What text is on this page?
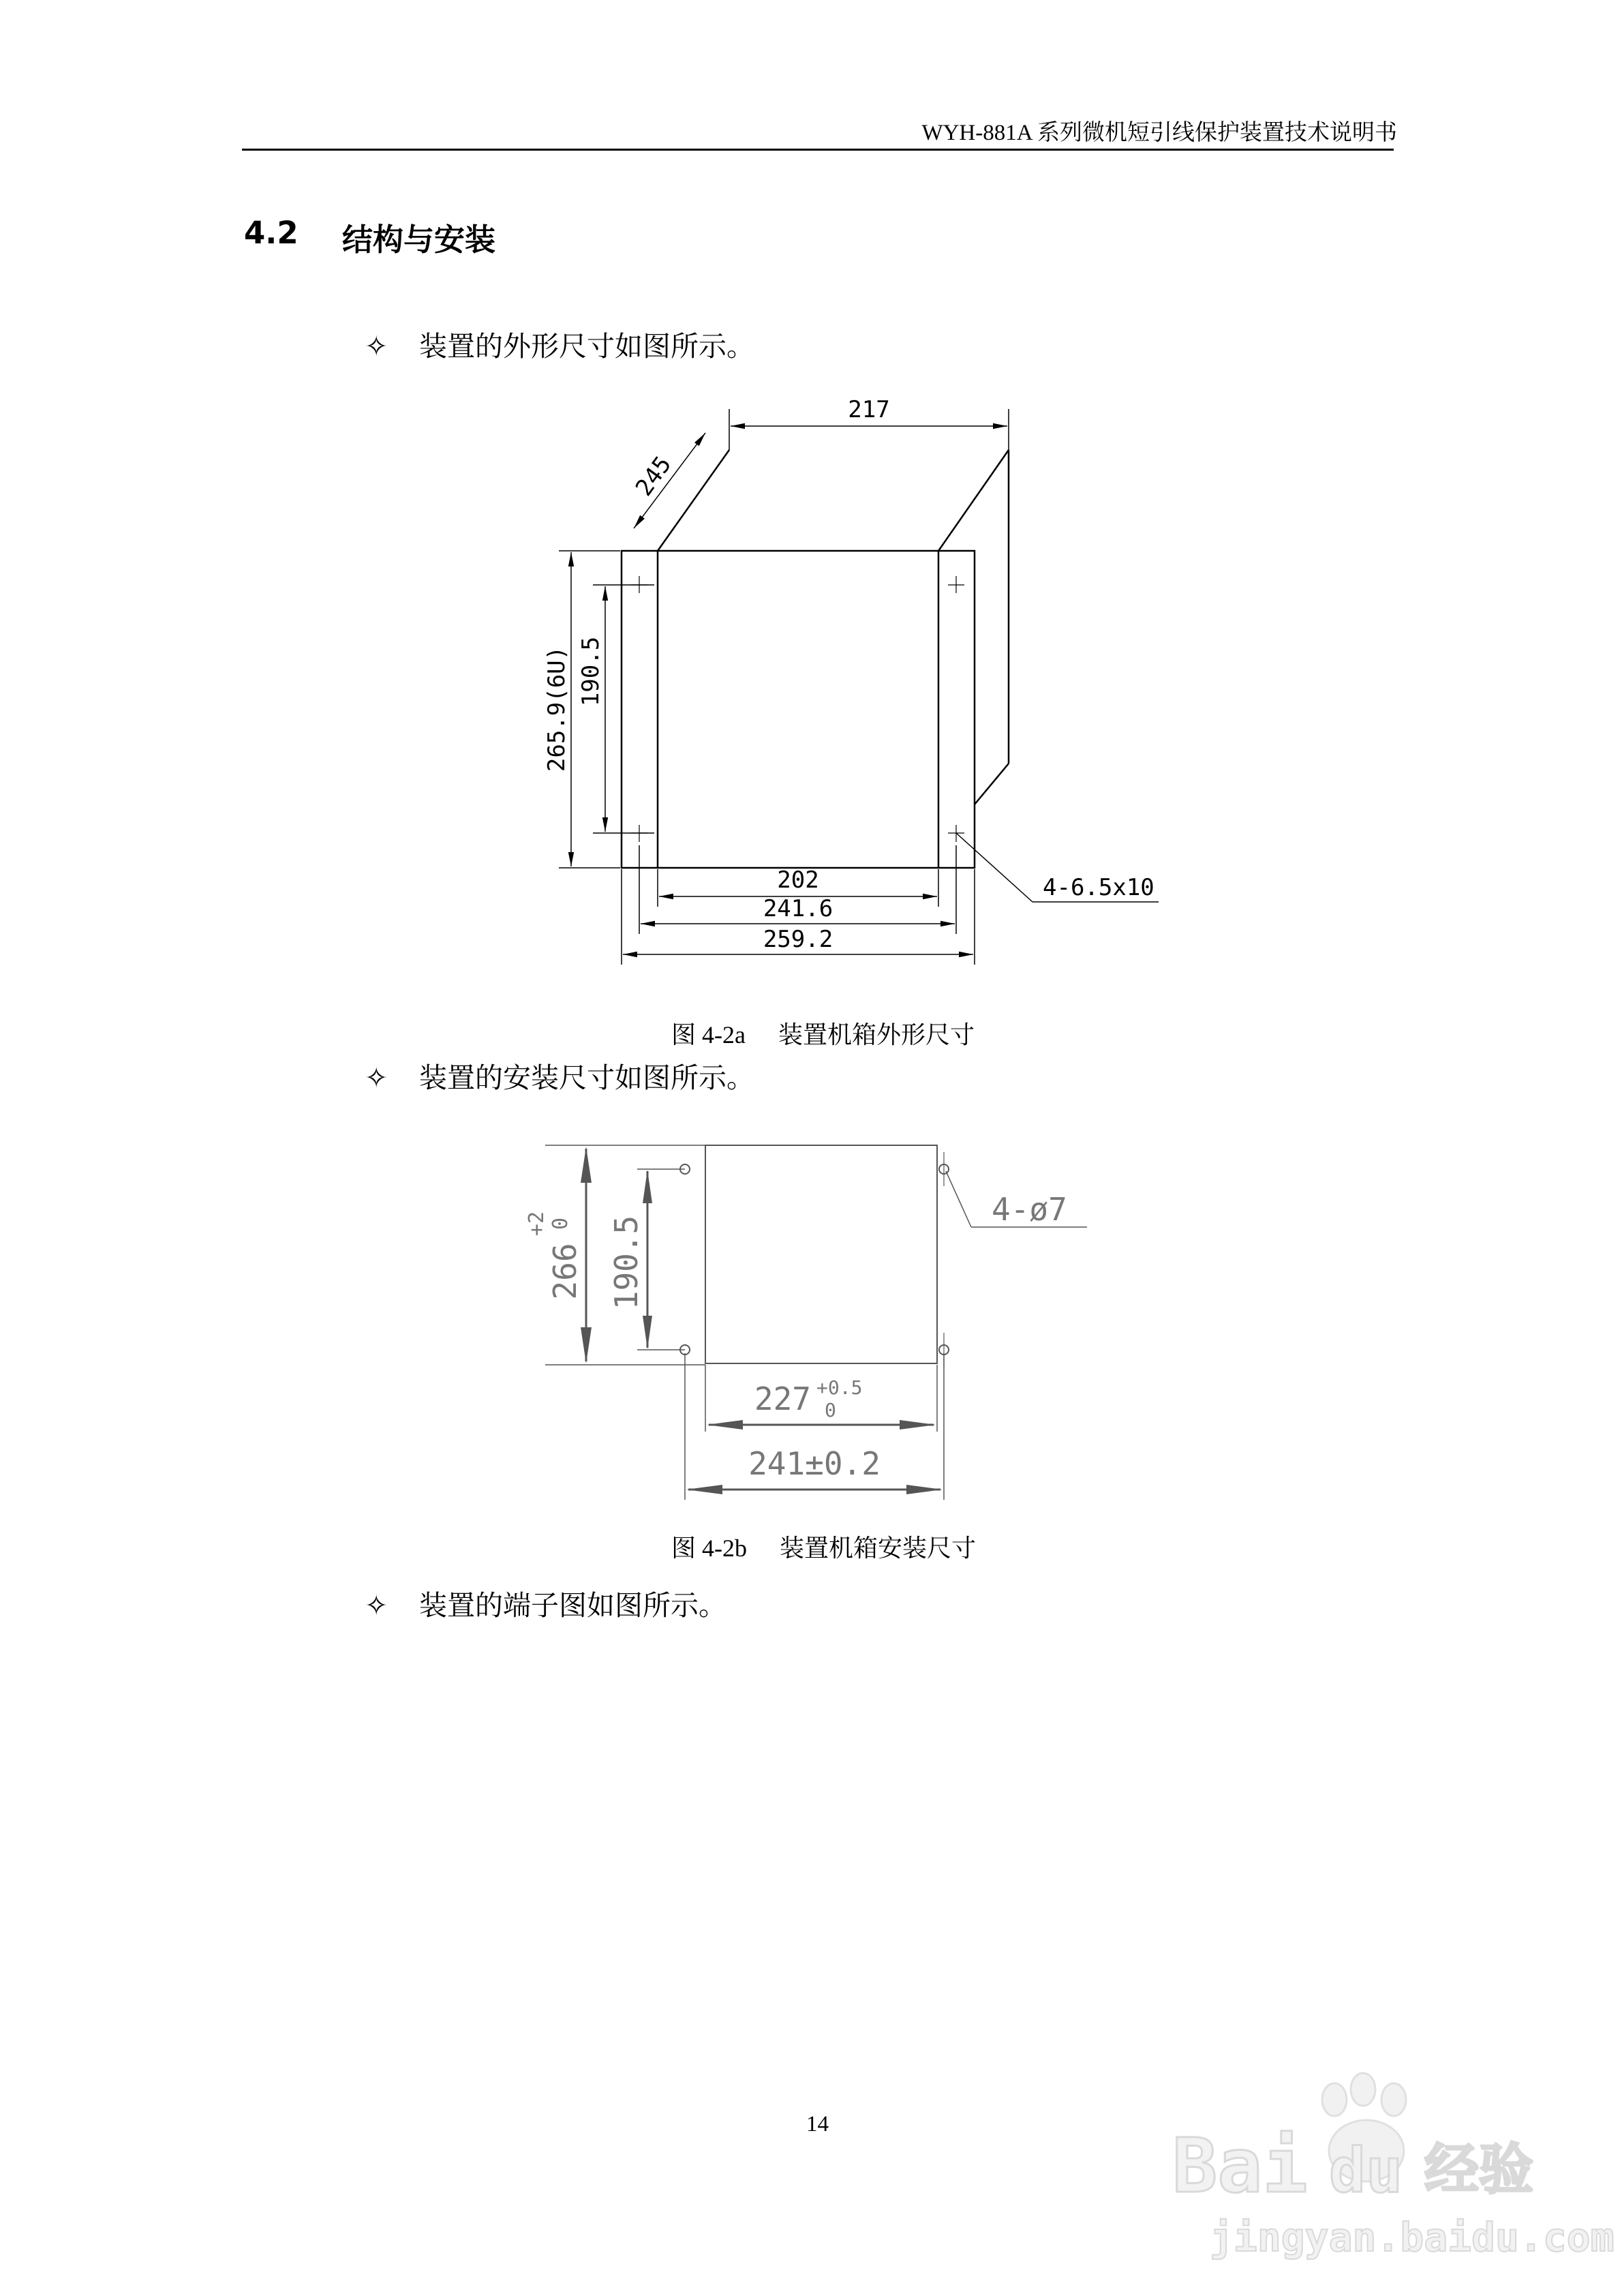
WYH-881A 系列微机短引线保护装置技术说明书
4.2 结构与安装
✧ 装置的外形尺寸如图所示。
217
245
265.9(6U) 190.5
202
241.6
259.2
4-6.5x10
图 4-2a 装置机箱外形尺寸
✧ 装置的安装尺寸如图所示。
266
+2 0 190.5
227 +0.5
0
241±0.2
4-ø7
图 4-2b 装置机箱安装尺寸
✧ 装置的端子图如图所示。
14	Bai du 经验
jingyan.baidu.com
